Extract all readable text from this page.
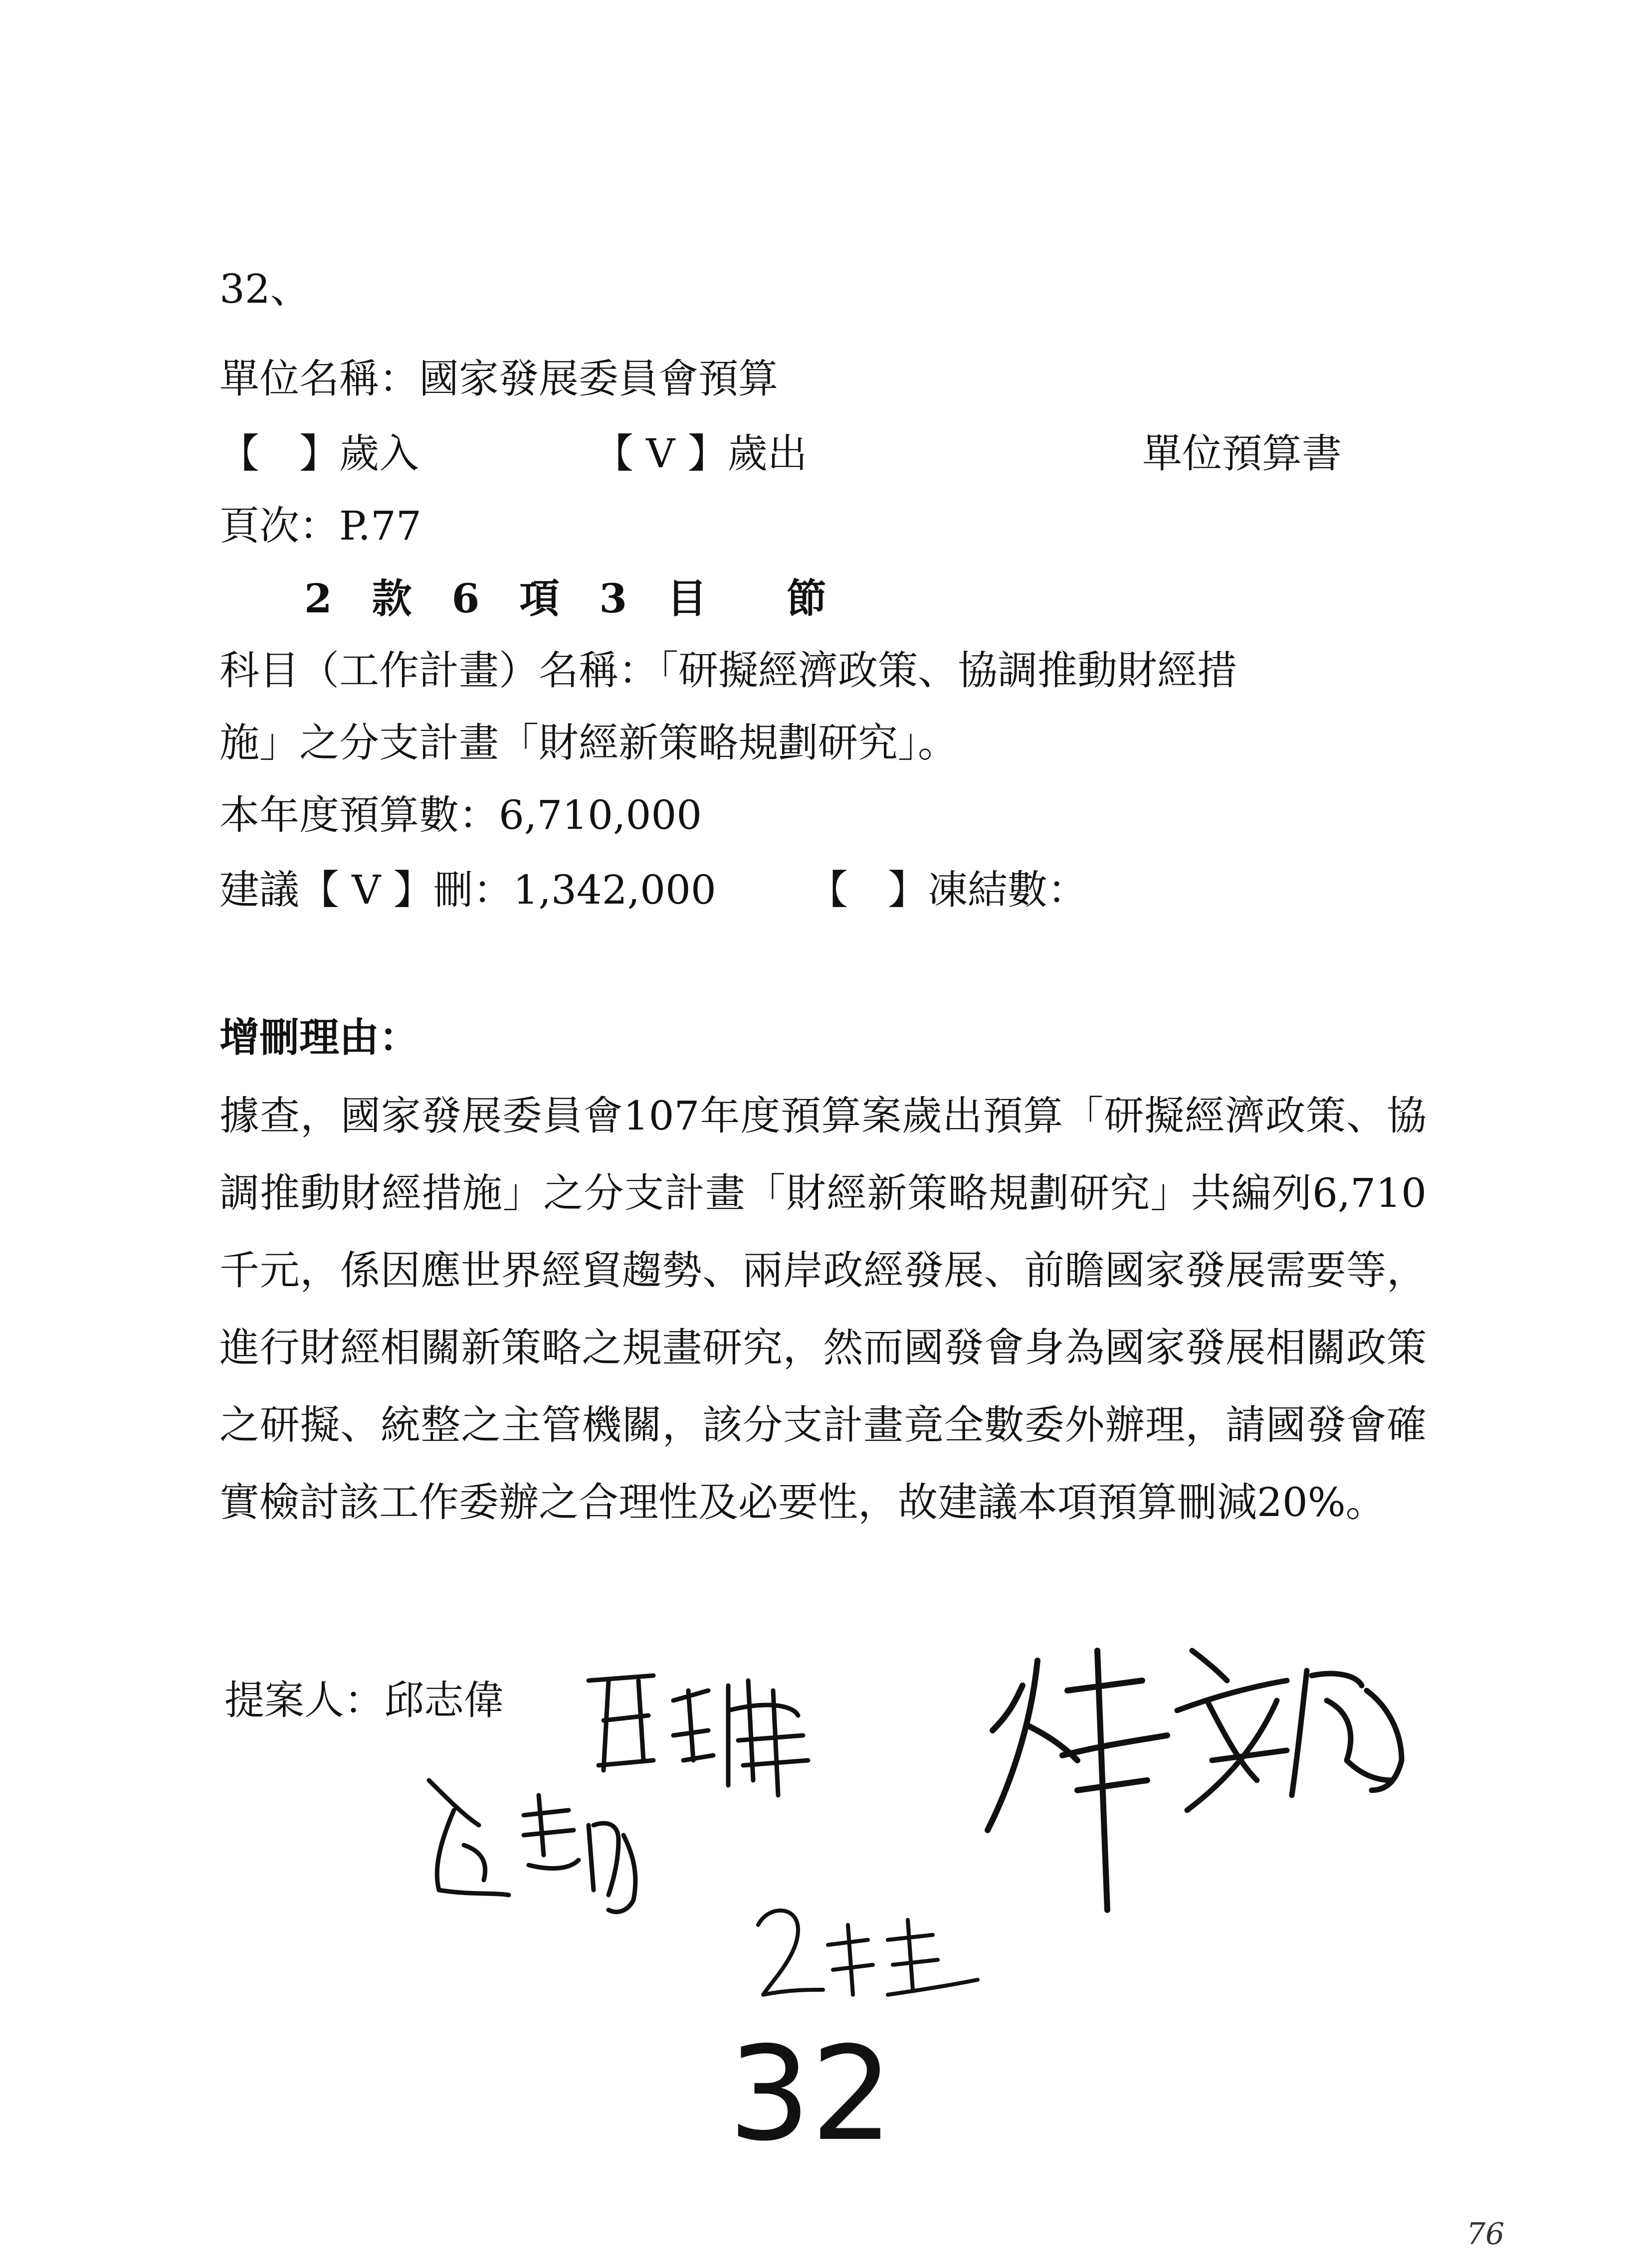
32、
單位名稱：國家發展委員會預算
【　】歲入	【 V 】歲出	單位預算書
頁次：P.77
2　款　6　項　3　目　　節
科目（工作計畫）名稱：「研擬經濟政策、協調推動財經措
施」之分支計畫「財經新策略規劃研究」。
本年度預算數：6,710,000
建議【 V 】刪：1,342,000 【　】凍結數：
增刪理由：
據查，國家發展委員會107年度預算案歲出預算「研擬經濟政策、協調推動財經措施」之分支計畫「財經新策略規劃研究」共編列6,710千元，係因應世界經貿趨勢、兩岸政經發展、前瞻國家發展需要等，進行財經相關新策略之規畫研究，然而國發會身為國家發展相關政策之研擬、統整之主管機關，該分支計畫竟全數委外辦理，請國發會確實檢討該工作委辦之合理性及必要性，故建議本項預算刪減20%。
提案人：邱志偉
32
76
